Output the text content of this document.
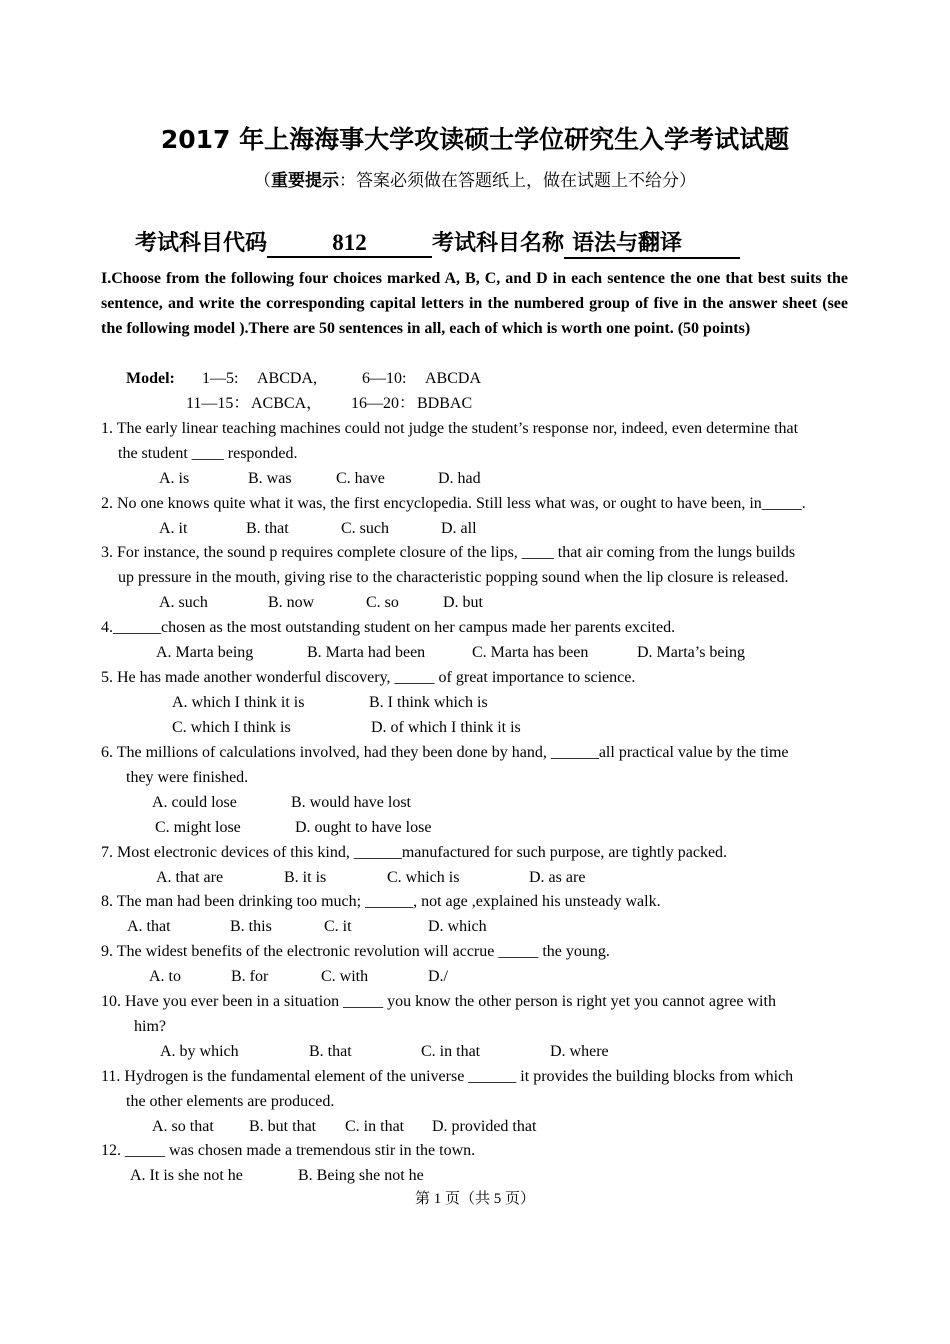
2017 年上海海事大学攻读硕士学位研究生入学考试试题
（重要提示：答案必须做在答题纸上，做在试题上不给分）
考试科目代码	812	考试科目名称 语法与翻译
I.Choose from the following four choices marked A, B, C, and D in each sentence the one that best suits the sentence, and write the corresponding capital letters in the numbered group of five in the answer sheet (see the following model ).There are 50 sentences in all, each of which is worth one point. (50 points)
Model: 1—5: ABCDA,	6—10: ABCDA
11—15： ACBCA， 16—20： BDBAC
1. The early linear teaching machines could not judge the student’s response nor, indeed, even determine that
the student ____ responded.
A. is	B. was	C. have	D. had
2. No one knows quite what it was, the first encyclopedia. Still less what was, or ought to have been, in_____.
A. it	B. that	C. such	D. all
3. For instance, the sound p requires complete closure of the lips, ____ that air coming from the lungs builds
up pressure in the mouth, giving rise to the characteristic popping sound when the lip closure is released.
A. such	B. now	C. so	D. but
4.______chosen as the most outstanding student on her campus made her parents excited.
A. Marta being	B. Marta had been	C. Marta has been	D. Marta’s being
5. He has made another wonderful discovery, _____ of great importance to science.
A. which I think it is	B. I think which is
C. which I think is	D. of which I think it is
6. The millions of calculations involved, had they been done by hand, ______all practical value by the time
they were finished.
A. could lose	B. would have lost
C. might lose	D. ought to have lose
7. Most electronic devices of this kind, ______manufactured for such purpose, are tightly packed.
A. that are	B. it is	C. which is	D. as are
8. The man had been drinking too much; ______, not age ,explained his unsteady walk.
A. that	B. this	C. it	D. which
9. The widest benefits of the electronic revolution will accrue _____ the young.
A. to	B. for	C. with	D./
10. Have you ever been in a situation _____ you know the other person is right yet you cannot agree with
him?
A. by which	B. that	C. in that	D. where
11. Hydrogen is the fundamental element of the universe ______ it provides the building blocks from which
the other elements are produced.
A. so that B. but that C. in that D. provided that
12. _____ was chosen made a tremendous stir in the town.
A. It is she not he	B. Being she not he
第 1 页（共 5 页）
